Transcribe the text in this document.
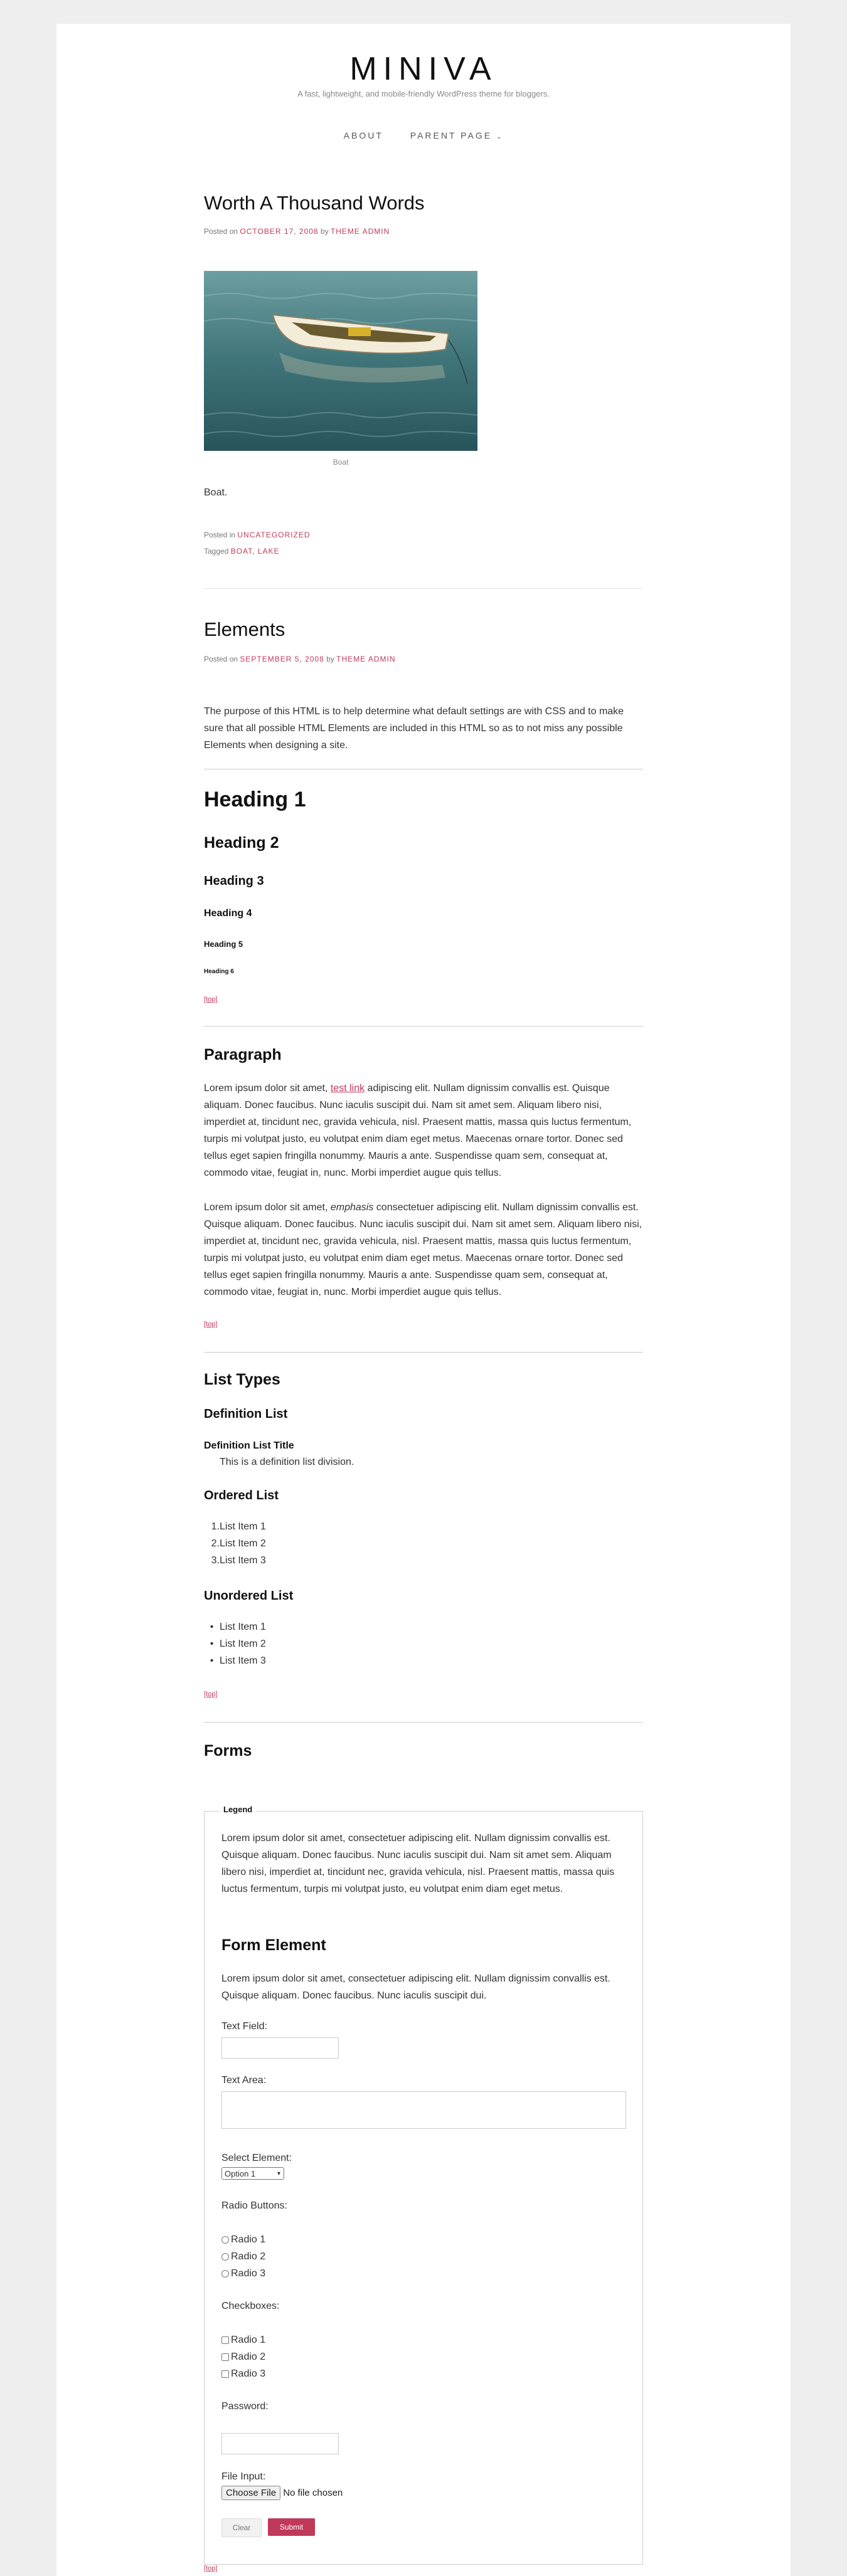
MINIVA
A fast, lightweight, and mobile-friendly WordPress theme for bloggers.
ABOUT	PARENT PAGE ⌄
Worth A Thousand Words
Posted on OCTOBER 17, 2008 by THEME ADMIN
Boat
Boat.
Posted in UNCATEGORIZED
Tagged BOAT, LAKE
Elements
Posted on SEPTEMBER 5, 2008 by THEME ADMIN
The purpose of this HTML is to help determine what default settings are with CSS and to make sure that all possible HTML Elements are included in this HTML so as to not miss any possible Elements when designing a site.
Heading 1
Heading 2
Heading 3
Heading 4
Heading 5
Heading 6
[top]
Paragraph
Lorem ipsum dolor sit amet, test link adipiscing elit. Nullam dignissim convallis est. Quisque aliquam. Donec faucibus. Nunc iaculis suscipit dui. Nam sit amet sem. Aliquam libero nisi, imperdiet at, tincidunt nec, gravida vehicula, nisl. Praesent mattis, massa quis luctus fermentum, turpis mi volutpat justo, eu volutpat enim diam eget metus. Maecenas ornare tortor. Donec sed tellus eget sapien fringilla nonummy. Mauris a ante. Suspendisse quam sem, consequat at, commodo vitae, feugiat in, nunc. Morbi imperdiet augue quis tellus.
Lorem ipsum dolor sit amet, emphasis consectetuer adipiscing elit. Nullam dignissim convallis est. Quisque aliquam. Donec faucibus. Nunc iaculis suscipit dui. Nam sit amet sem. Aliquam libero nisi, imperdiet at, tincidunt nec, gravida vehicula, nisl. Praesent mattis, massa quis luctus fermentum, turpis mi volutpat justo, eu volutpat enim diam eget metus. Maecenas ornare tortor. Donec sed tellus eget sapien fringilla nonummy. Mauris a ante. Suspendisse quam sem, consequat at, commodo vitae, feugiat in, nunc. Morbi imperdiet augue quis tellus.
[top]
List Types
Definition List
Definition List Title
This is a definition list division.
Ordered List
1.List Item 1
2.List Item 2
3.List Item 3
Unordered List
• List Item 1
• List Item 2
• List Item 3
[top]
Forms
Legend
Lorem ipsum dolor sit amet, consectetuer adipiscing elit. Nullam dignissim convallis est. Quisque aliquam. Donec faucibus. Nunc iaculis suscipit dui. Nam sit amet sem. Aliquam libero nisi, imperdiet at, tincidunt nec, gravida vehicula, nisl. Praesent mattis, massa quis luctus fermentum, turpis mi volutpat justo, eu volutpat enim diam eget metus.
Form Element
Lorem ipsum dolor sit amet, consectetuer adipiscing elit. Nullam dignissim convallis est. Quisque aliquam. Donec faucibus. Nunc iaculis suscipit dui.
Text Field:
Text Area:
Select Element:
Option 1	▾
Radio Buttons:
Radio 1
Radio 2
Radio 3
Checkboxes:
Radio 1
Radio 2
Radio 3
Password:
File Input:
Choose File No file chosen
Clear	Submit
[top]
